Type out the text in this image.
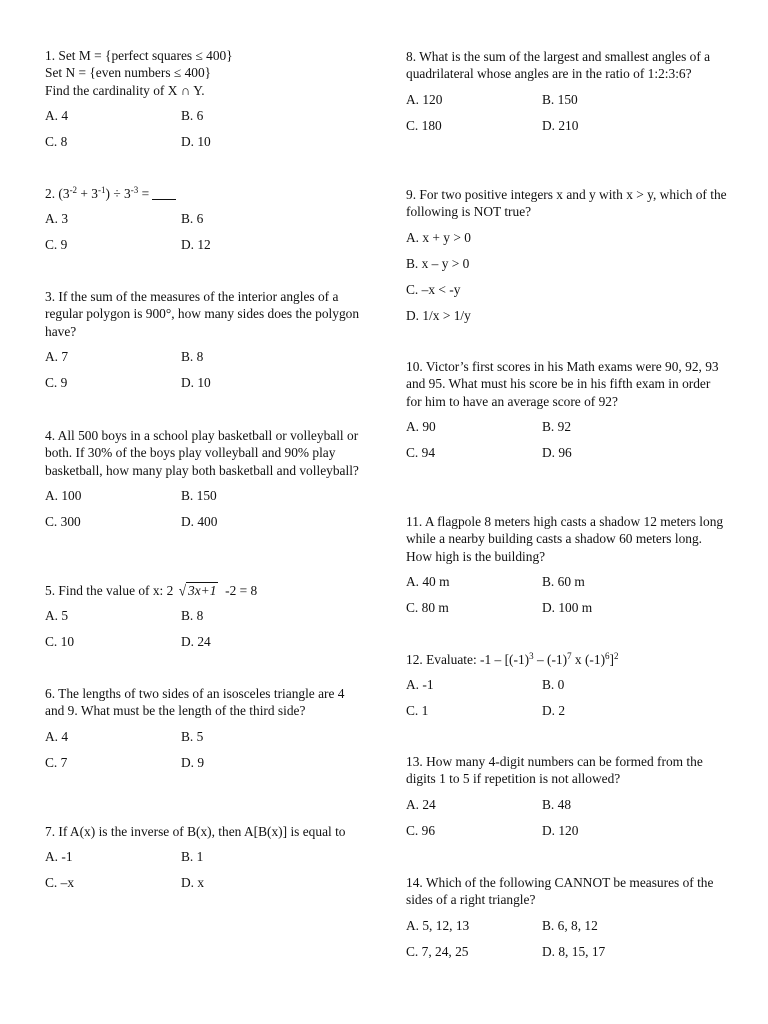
1. Set M = {perfect squares ≤ 400}
Set N = {even numbers ≤ 400}
Find the cardinality of X ∩ Y.

A. 4	B. 6
C. 8	D. 10

2. $(3^{-2} + 3^{-1}) \div 3^{-3}$ =

A. 3	B. 6
C. 9	D. 12

3. If the sum of the measures of the interior angles of a regular polygon is 900°, how many sides does the polygon have?

A. 7	B. 8
C. 9	D. 10

4. All 500 boys in a school play basketball or volleyball or both. If 30% of the boys play volleyball and 90% play basketball, how many play both basketball and volleyball?

A. 100	B. 150
C. 300	D. 400

5. Find the value of x: 2 √ 3x+1 -2 = 8

A. 5	B. 8
C. 10	D. 24

6. The lengths of two sides of an isosceles triangle are 4 and 9. What must be the length of the third side?

A. 4	B. 5
C. 7	D. 9

7. If A(x) is the inverse of B(x), then A[B(x)] is equal to

A. -1	B. 1
C. –x	D. x

8. What is the sum of the largest and smallest angles of a quadrilateral whose angles are in the ratio of 1:2:3:6?

A. 120	B. 150
C. 180	D. 210

9. For two positive integers x and y with x > y, which of the following is NOT true?

A. x + y > 0
B. x – y > 0
C. –x < -y
D. 1/x > 1/y

10. Victor’s first scores in his Math exams were 90, 92, 93 and 95. What must his score be in his fifth exam in order for him to have an average score of 92?

A. 90	B. 92
C. 94	D. 96

11. A flagpole 8 meters high casts a shadow 12 meters long while a nearby building casts a shadow 60 meters long. How high is the building?

A. 40 m	B. 60 m
C. 80 m	D. 100 m

12. Evaluate: $-1 - [(-1)^3 - (-1)^7$ x $(-1)^6]^2$

A. -1	B. 0
C. 1	D. 2

13. How many 4-digit numbers can be formed from the digits 1 to 5 if repetition is not allowed?

A. 24	B. 48
C. 96	D. 120

14. Which of the following CANNOT be measures of the sides of a right triangle?

A. 5, 12, 13	B. 6, 8, 12
C. 7, 24, 25	D. 8, 15, 17
